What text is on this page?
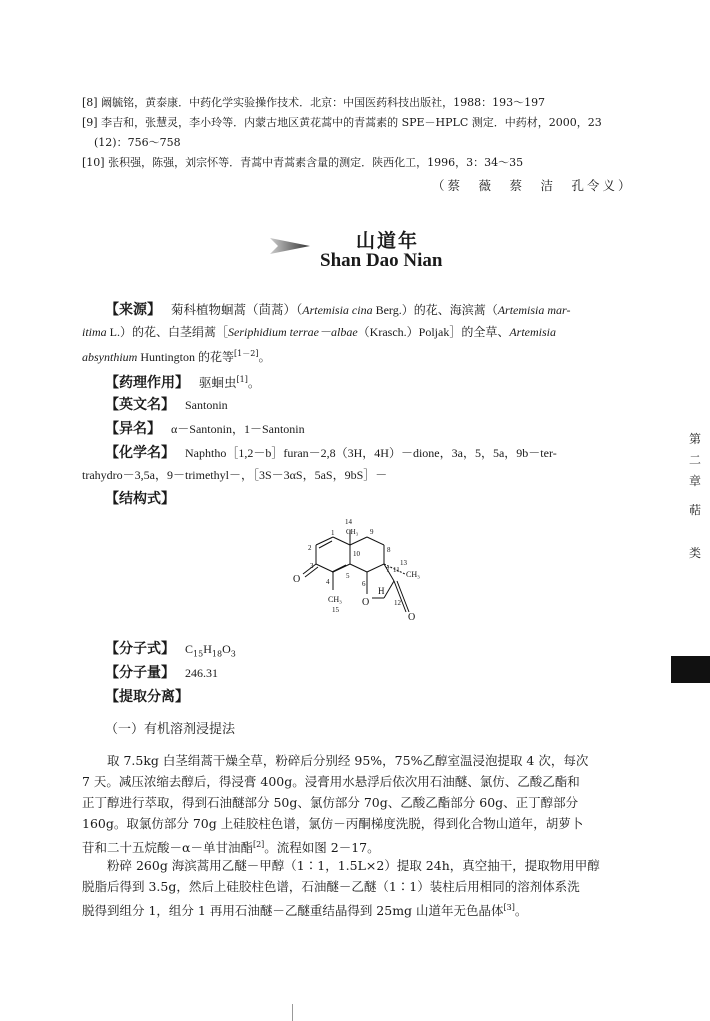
[8] 阚毓铭，黄泰康．中药化学实验操作技术．北京：中国医药科技出版社，1988：193～197
[9] 李吉和，张慧灵，李小玲等．内蒙古地区黄花蒿中的青蒿素的 SPE－HPLC 测定．中药材，2000，23
(12)：756～758
[10] 张积强，陈强，刘宗怀等．青蒿中青蒿素含量的测定．陕西化工，1996，3：34～35
（蔡　薇　蔡　洁　孔令义）
山道年
Shan Dao Nian
【来源】 菊科植物蛔蒿（茴蒿）（Artemisia cina Berg.）的花、海滨蒿（Artemisia mar-
itima L.）的花、白茎绢蒿［Seriphidium terrae－albae（Krasch.）Poljak］的全草、Artemisia
absynthium Huntington 的花等[1－2]。
【药理作用】 驱蛔虫[1]。
【英文名】 Santonin
【异名】 α－Santonin，1－Santonin
【化学名】 Naphtho［1,2－b］furan－2,8（3H，4H）－dione，3a，5，5a，9b－ter-
trahydro－3,5a，9－trimethyl－，［3S－3αS，5aS，9bS］－
【结构式】
14
CH₃
1	9
2
10	8
3
4
5
6
7 11
13
12
15
CH₃
CH₃
H
O
O
O
【分子式】 $C_{15}H_{18}O_3$
【分子量】 246.31
【提取分离】
（一）有机溶剂浸提法
取 7.5kg 白茎绢蒿干燥全草，粉碎后分别经 95%，75%乙醇室温浸泡提取 4 次，每次
7 天。减压浓缩去醇后，得浸膏 400g。浸膏用水悬浮后依次用石油醚、氯仿、乙酸乙酯和
正丁醇进行萃取，得到石油醚部分 50g、氯仿部分 70g、乙酸乙酯部分 60g、正丁醇部分
160g。取氯仿部分 70g 上硅胶柱色谱，氯仿－丙酮梯度洗脱，得到化合物山道年，胡萝卜
苷和二十五烷酸－α－单甘油酯[2]。流程如图 2－17。
粉碎 260g 海滨蒿用乙醚－甲醇（1∶1，1.5L×2）提取 24h，真空抽干，提取物用甲醇
脱脂后得到 3.5g，然后上硅胶柱色谱，石油醚－乙醚（1∶1）装柱后用相同的溶剂体系洗
脱得到组分 1，组分 1 再用石油醚－乙醚重结晶得到 25mg 山道年无色晶体[3]。
第
二
章
萜
类
